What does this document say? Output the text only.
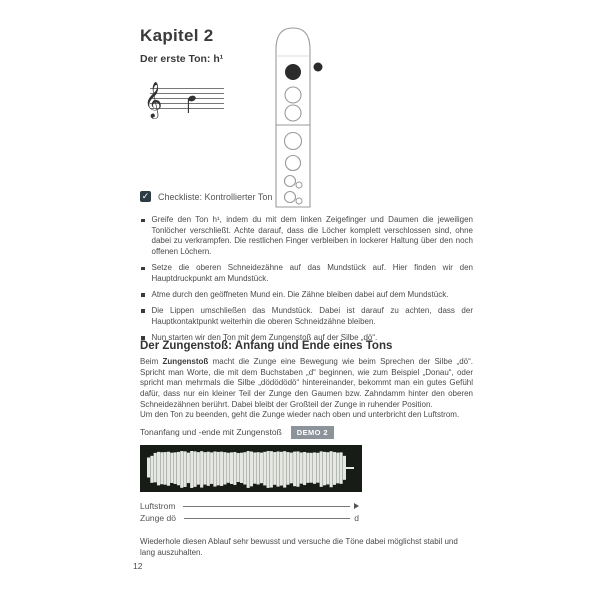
Kapitel 2
Der erste Ton: h¹
𝄞
✓ Checkliste: Kontrollierter Ton
Greife den Ton h¹, indem du mit dem linken Zeigefinger und Daumen die jeweiligen Tonlöcher verschließt. Achte darauf, dass die Löcher komplett verschlossen sind, ohne dabei zu verkrampfen. Die restlichen Finger verbleiben in lockerer Haltung über den noch offenen Löchern.
Setze die oberen Schneidezähne auf das Mundstück auf. Hier finden wir den Hauptdruckpunkt am Mundstück.
Atme durch den geöffneten Mund ein. Die Zähne bleiben dabei auf dem Mundstück.
Die Lippen umschließen das Mundstück. Dabei ist darauf zu achten, dass der Hauptkontaktpunkt weiterhin die oberen Schneidzähne bleiben.
Nun starten wir den Ton mit dem Zungenstoß auf der Silbe „dö“.
Der Zungenstoß: Anfang und Ende eines Tons
Beim Zungenstoß macht die Zunge eine Bewegung wie beim Sprechen der Silbe „dö“. Spricht man Worte, die mit dem Buchstaben „d“ beginnen, wie zum Beispiel „Donau“, oder spricht man mehrmals die Silbe „dödödödö“ hintereinander, bekommt man ein gutes Gefühl dafür, dass nur ein kleiner Teil der Zunge den Gaumen bzw. Zahndamm hinter den oberen Schneidezähnen berührt. Dabei bleibt der Großteil der Zunge in ruhender Position.
Um den Ton zu beenden, geht die Zunge wieder nach oben und unterbricht den Luftstrom.
Tonanfang und -ende mit Zungenstoß	DEMO 2
Luftstrom
Zunge dö	d
Wiederhole diesen Ablauf sehr bewusst und versuche die Töne dabei möglichst stabil und lang auszuhalten.
12
